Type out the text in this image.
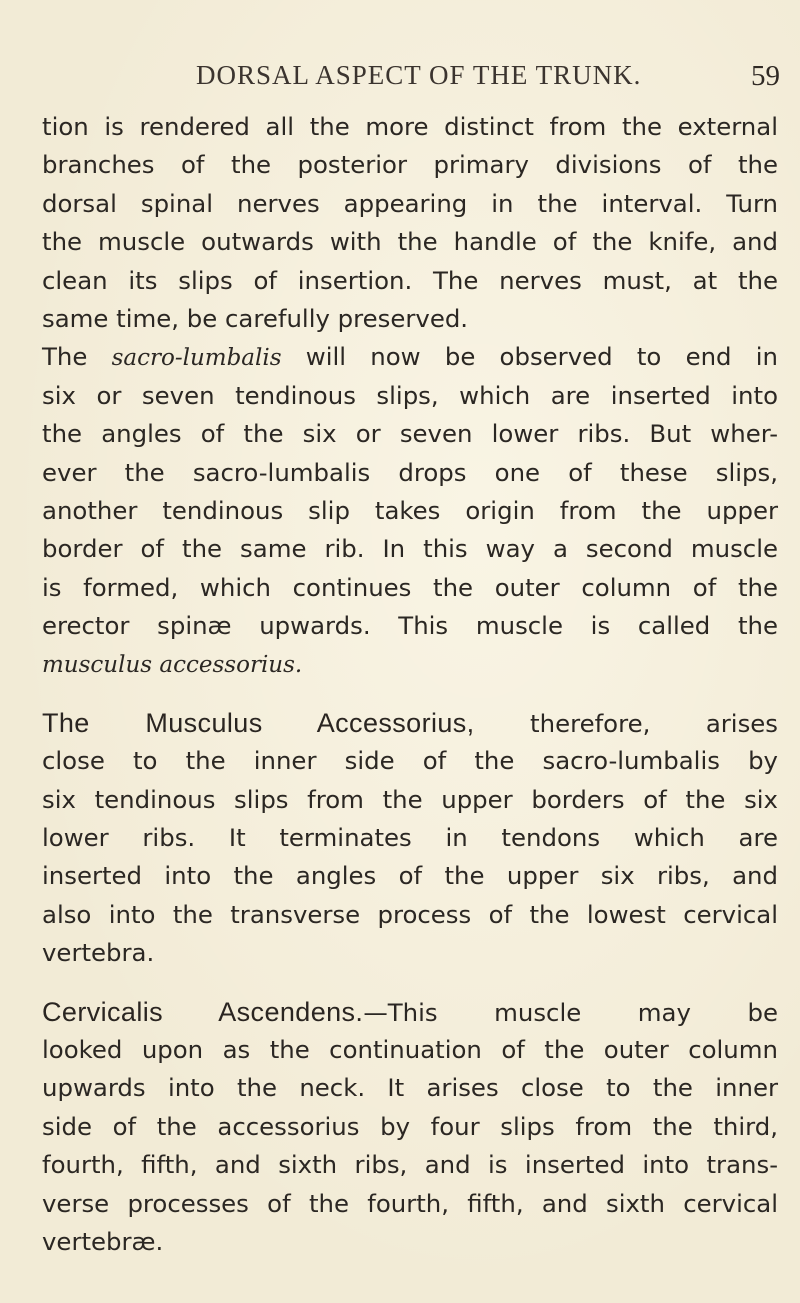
DORSAL ASPECT OF THE TRUNK.	59
tion is rendered all the more distinct from the external
branches of the posterior primary divisions of the
dorsal spinal nerves appearing in the interval. Turn
the muscle outwards with the handle of the knife, and
clean its slips of insertion. The nerves must, at the
same time, be carefully preserved.
The sacro-lumbalis will now be observed to end in
six or seven tendinous slips, which are inserted into
the angles of the six or seven lower ribs. But wher-
ever the sacro-lumbalis drops one of these slips,
another tendinous slip takes origin from the upper
border of the same rib. In this way a second muscle
is formed, which continues the outer column of the
erector spinæ upwards. This muscle is called the
musculus accessorius.
The Musculus Accessorius, therefore, arises
close to the inner side of the sacro-lumbalis by
six tendinous slips from the upper borders of the six
lower ribs. It terminates in tendons which are
inserted into the angles of the upper six ribs, and
also into the transverse process of the lowest cervical
vertebra.
Cervicalis Ascendens.—This muscle may be
looked upon as the continuation of the outer column
upwards into the neck. It arises close to the inner
side of the accessorius by four slips from the third,
fourth, fifth, and sixth ribs, and is inserted into trans-
verse processes of the fourth, fifth, and sixth cervical
vertebræ.
